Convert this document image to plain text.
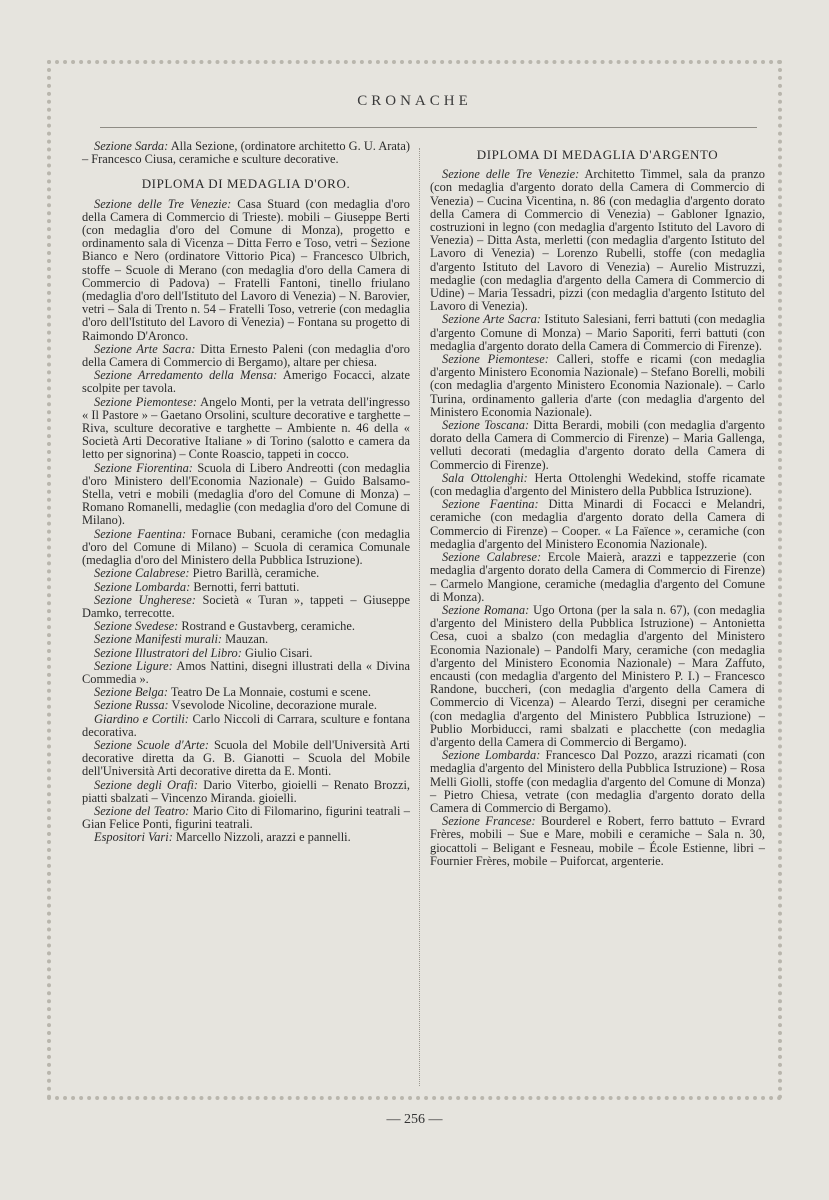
CRONACHE

Sezione Sarda: Alla Sezione, (ordinatore architetto G. U. Arata) – Francesco Ciusa, ceramiche e sculture decorative.

DIPLOMA DI MEDAGLIA D'ORO.

Sezione delle Tre Venezie: Casa Stuard (con medaglia d'oro della Camera di Commercio di Trieste). mobili – Giuseppe Berti (con medaglia d'oro del Comune di Monza), progetto e ordinamento sala di Vicenza – Ditta Ferro e Toso, vetri – Sezione Bianco e Nero (ordinatore Vittorio Pica) – Francesco Ulbrich, stoffe – Scuole di Merano (con medaglia d'oro della Camera di Commercio di Padova) – Fratelli Fantoni, tinello friulano (medaglia d'oro dell'Istituto del Lavoro di Venezia) – N. Barovier, vetri – Sala di Trento n. 54 – Fratelli Toso, vetrerie (con medaglia d'oro dell'Istituto del Lavoro di Venezia) – Fontana su progetto di Raimondo D'Aronco.

Sezione Arte Sacra: Ditta Ernesto Paleni (con medaglia d'oro della Camera di Commercio di Bergamo), altare per chiesa.

Sezione Arredamento della Mensa: Amerigo Focacci, alzate scolpite per tavola.

Sezione Piemontese: Angelo Monti, per la vetrata dell'ingresso « Il Pastore » – Gaetano Orsolini, sculture decorative e targhette – Riva, sculture decorative e targhette – Ambiente n. 46 della « Società Arti Decorative Italiane » di Torino (salotto e camera da letto per signorina) – Conte Roascio, tappeti in cocco.

Sezione Fiorentina: Scuola di Libero Andreotti (con medaglia d'oro Ministero dell'Economia Nazionale) – Guido Balsamo-Stella, vetri e mobili (medaglia d'oro del Comune di Monza) – Romano Romanelli, medaglie (con medaglia d'oro del Comune di Milano).

Sezione Faentina: Fornace Bubani, ceramiche (con medaglia d'oro del Comune di Milano) – Scuola di ceramica Comunale (medaglia d'oro del Ministero della Pubblica Istruzione).

Sezione Calabrese: Pietro Barillà, ceramiche.

Sezione Lombarda: Bernotti, ferri battuti.

Sezione Ungherese: Società « Turan », tappeti – Giuseppe Damko, terrecotte.

Sezione Svedese: Rostrand e Gustavberg, ceramiche.

Sezione Manifesti murali: Mauzan.

Sezione Illustratori del Libro: Giulio Cisari.

Sezione Ligure: Amos Nattini, disegni illustrati della « Divina Commedia ».

Sezione Belga: Teatro De La Monnaie, costumi e scene.

Sezione Russa: Vsevolode Nicoline, decorazione murale.

Giardino e Cortili: Carlo Niccoli di Carrara, sculture e fontana decorativa.

Sezione Scuole d'Arte: Scuola del Mobile dell'Università Arti decorative diretta da G. B. Gianotti – Scuola del Mobile dell'Università Arti decorative diretta da E. Monti.

Sezione degli Orafi: Dario Viterbo, gioielli – Renato Brozzi, piatti sbalzati – Vincenzo Miranda. gioielli.

Sezione del Teatro: Mario Cito di Filomarino, figurini teatrali – Gian Felice Ponti, figurini teatrali.

Espositori Vari: Marcello Nizzoli, arazzi e pannelli.

DIPLOMA DI MEDAGLIA D'ARGENTO

Sezione delle Tre Venezie: Architetto Timmel, sala da pranzo (con medaglia d'argento dorato della Camera di Commercio di Venezia) – Cucina Vicentina, n. 86 (con medaglia d'argento dorato della Camera di Commercio di Venezia) – Gabloner Ignazio, costruzioni in legno (con medaglia d'argento Istituto del Lavoro di Venezia) – Ditta Asta, merletti (con medaglia d'argento Istituto del Lavoro di Venezia) – Lorenzo Rubelli, stoffe (con medaglia d'argento Istituto del Lavoro di Venezia) – Aurelio Mistruzzi, medaglie (con medaglia d'argento della Camera di Commercio di Udine) – Maria Tessadri, pizzi (con medaglia d'argento Istituto del Lavoro di Venezia).

Sezione Arte Sacra: Istituto Salesiani, ferri battuti (con medaglia d'argento Comune di Monza) – Mario Saporiti, ferri battuti (con medaglia d'argento dorato della Camera di Commercio di Firenze).

Sezione Piemontese: Calleri, stoffe e ricami (con medaglia d'argento Ministero Economia Nazionale) – Stefano Borelli, mobili (con medaglia d'argento Ministero Economia Nazionale). – Carlo Turina, ordinamento galleria d'arte (con medaglia d'argento del Ministero Economia Nazionale).

Sezione Toscana: Ditta Berardi, mobili (con medaglia d'argento dorato della Camera di Commercio di Firenze) – Maria Gallenga, velluti decorati (medaglia d'argento dorato della Camera di Commercio di Firenze).

Sala Ottolenghi: Herta Ottolenghi Wedekind, stoffe ricamate (con medaglia d'argento del Ministero della Pubblica Istruzione).

Sezione Faentina: Ditta Minardi di Focacci e Melandri, ceramiche (con medaglia d'argento dorato della Camera di Commercio di Firenze) – Cooper. « La Faïence », ceramiche (con medaglia d'argento del Ministero Economia Nazionale).

Sezione Calabrese: Ercole Maierà, arazzi e tappezzerie (con medaglia d'argento dorato della Camera di Commercio di Firenze) – Carmelo Mangione, ceramiche (medaglia d'argento del Comune di Monza).

Sezione Romana: Ugo Ortona (per la sala n. 67), (con medaglia d'argento del Ministero della Pubblica Istruzione) – Antonietta Cesa, cuoi a sbalzo (con medaglia d'argento del Ministero Economia Nazionale) – Pandolfi Mary, ceramiche (con medaglia d'argento del Ministero Economia Nazionale) – Mara Zaffuto, encausti (con medaglia d'argento del Ministero P. I.) – Francesco Randone, buccheri, (con medaglia d'argento della Camera di Commercio di Vicenza) – Aleardo Terzi, disegni per ceramiche (con medaglia d'argento del Ministero Pubblica Istruzione) – Publio Morbiducci, rami sbalzati e placchette (con medaglia d'argento della Camera di Commercio di Bergamo).

Sezione Lombarda: Francesco Dal Pozzo, arazzi ricamati (con medaglia d'argento del Ministero della Pubblica Istruzione) – Rosa Melli Giolli, stoffe (con medaglia d'argento del Comune di Monza) – Pietro Chiesa, vetrate (con medaglia d'argento dorato della Camera di Commercio di Bergamo).

Sezione Francese: Bourderel e Robert, ferro battuto – Evrard Frères, mobili – Sue e Mare, mobili e ceramiche – Sala n. 30, giocattoli – Beligant e Fesneau, mobile – École Estienne, libri – Fournier Frères, mobile – Puiforcat, argenterie.

— 256 —
